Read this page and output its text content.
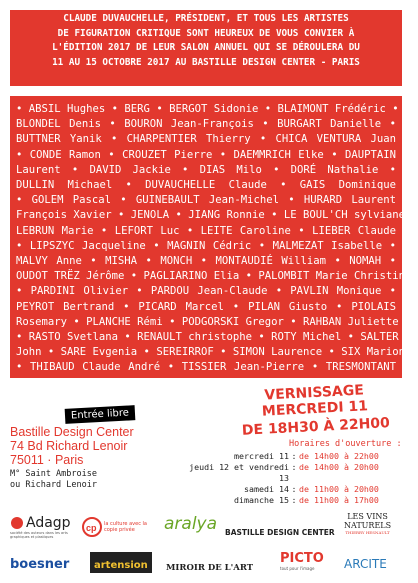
CLAUDE DUVAUCHELLE, PRÉSIDENT, ET TOUS LES ARTISTES
DE FIGURATION CRITIQUE SONT HEUREUX DE VOUS CONVIER À
L'ÉDITION 2017 DE LEUR SALON ANNUEL QUI SE DÉROULERA DU
11 AU 15 OCTOBRE 2017 AU BASTILLE DESIGN CENTER - PARIS
• ABSIL Hughes • BERG • BERGOT Sidonie • BLAIMONT Frédéric •
BLONDEL Denis • BOURON Jean-François • BURGART Danielle •
BUTTNER Yanik • CHARPENTIER Thierry • CHICA VENTURA Juan
• CONDE Ramon • CROUZET Pierre • DAEMMRICH Elke • DAUPTAIN
Laurent • DAVID Jackie • DIAS Milo • DORÉ Nathalie •
DULLIN Michael • DUVAUCHELLE Claude • GAIS Dominique
• GOLEM Pascal • GUINEBAULT Jean-Michel • HURARD Laurent
François Xavier • JENOLA • JIANG Ronnie • LE BOUL'CH sylviane •
LEBRUN Marie • LEFORT Luc • LEITE Caroline • LIEBER Claude
• LIPSZYC Jacqueline • MAGNIN Cédric • MALMEZAT Isabelle •
MALVY Anne • MISHA • MONCH • MONTAUDIÉ William • NOMAH •
OUDOT TRËZ Jérôme • PAGLIARINO Elia • PALOMBIT Marie Christine
• PARDINI Olivier • PARDOU Jean-Claude • PAVLIN Monique •
PEYROT Bertrand • PICARD Marcel • PILAN Giusto • PIOLAIS
Rosemary • PLANCHE Rémi • PODGORSKI Gregor • RAHBAN Juliette
• RASTO Svetlana • RENAULT christophe • ROTY Michel • SALTER
John • SARE Evgenia • SEREIRROF • SIMON Laurence • SIX Marion
• THIBAUD Claude André • TISSIER Jean-Pierre • TRESMONTANT
Christophe • VALMIGOT • VERHEUGEN Jos • WOLFF catherine •
VERNISSAGE MERCREDI 11
DE 18H30 À 22H00
Entrée libre
Bastille Design Center
74 Bd Richard Lenoir
75011 · Paris
M° Saint Ambroise
ou Richard Lenoir
Horaires d'ouverture :
mercredi 11 : de 14h00 à 22h00
jeudi 12 et vendredi 13
: de 14h00 à 20h00
samedi 14 : de 11h00 à 20h00
dimanche 15 : de 11h00 à 17h00
Adagp
société des auteurs dans les arts graphiques et plastiques
cp la culture avec la copie privée	aralya BASTILLE DESIGN CENTER
LES VINS
NATURELS
THIERRY HESNAULT
boesner	artension	MIROIR DE L'ART
PICTO
tout pour l'image	ARCITE
